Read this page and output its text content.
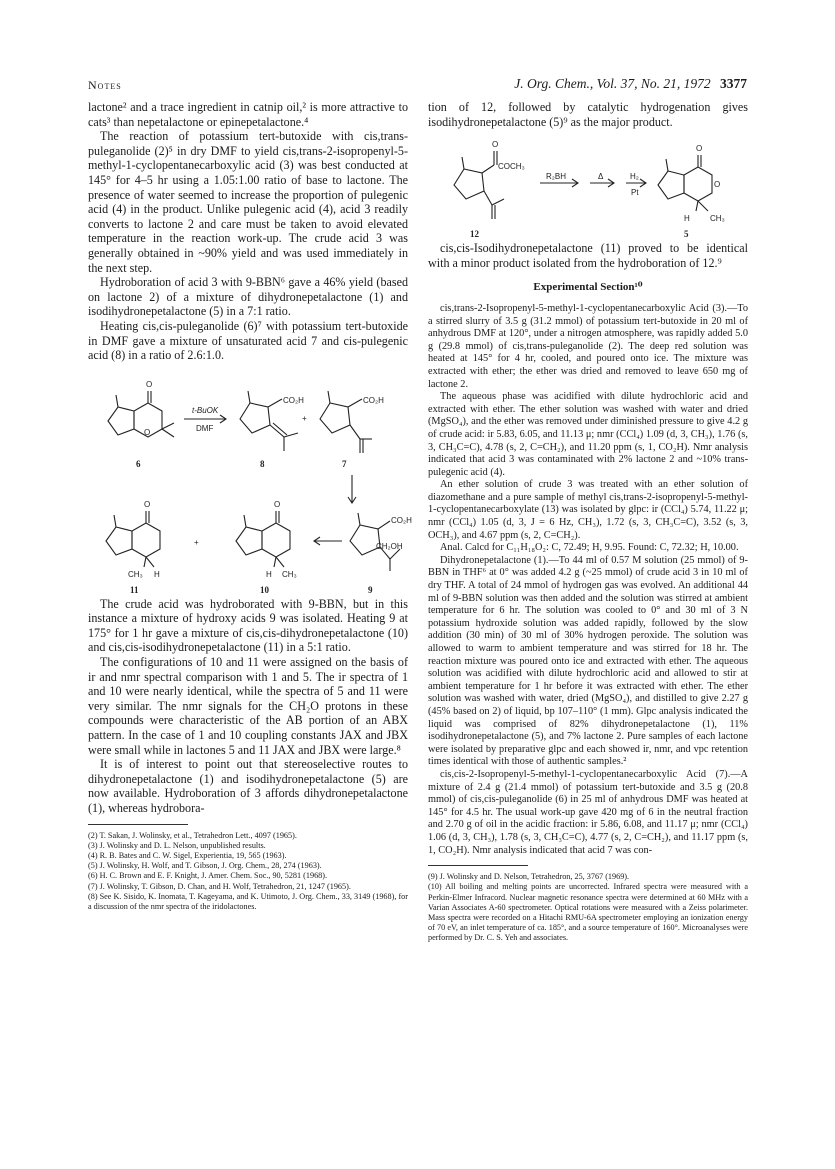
Notes	J. Org. Chem., Vol. 37, No. 21, 1972 3377

lactone² and a trace ingredient in catnip oil,² is more attractive to cats³ than nepetalactone or epinepetalactone.⁴

The reaction of potassium tert-butoxide with cis,trans-puleganolide (2)⁵ in dry DMF to yield cis,trans-2-isopropenyl-5-methyl-1-cyclopentanecarboxylic acid (3) was best conducted at 145° for 4–5 hr using a 1.05:1.00 ratio of base to lactone. The presence of water seemed to increase the proportion of pulegenic acid (4) in the product. Unlike pulegenic acid (4), acid 3 readily converts to lactone 2 and care must be taken to avoid elevated temperature in the reaction work-up. The crude acid 3 was generally obtained in ~90% yield and was used immediately in the next step.

Hydroboration of acid 3 with 9-BBN⁶ gave a 46% yield (based on lactone 2) of a mixture of dihydronepetalactone (1) and isodihydronepetalactone (5) in a 7:1 ratio.

Heating cis,cis-puleganolide (6)⁷ with potassium tert-butoxide in DMF gave a mixture of unsaturated acid 7 and cis-pulegenic acid (8) in a ratio of 2.6:1.0.

O
O
t-BuOK
DMF
CO₂H
+
CO₂H
6	8	7
O	O
CH₃ H
+
H CH₃
CO₂H
CH₂OH
11	10	9

The crude acid was hydroborated with 9-BBN, but in this instance a mixture of hydroxy acids 9 was isolated. Heating 9 at 175° for 1 hr gave a mixture of cis,cis-dihydronepetalactone (10) and cis,cis-isodihydronepetalactone (11) in a 5:1 ratio.

The configurations of 10 and 11 were assigned on the basis of ir and nmr spectral comparison with 1 and 5. The ir spectra of 1 and 10 were nearly identical, while the spectra of 5 and 11 were very similar. The nmr signals for the CH₂O protons in these compounds were characteristic of the AB portion of an ABX pattern. In the case of 1 and 10 coupling constants JAX and JBX were small while in lactones 5 and 11 JAX and JBX were large.⁸

It is of interest to point out that stereoselective routes to dihydronepetalactone (1) and isodihydronepetalactone (5) are now available. Hydroboration of 3 affords dihydronepetalactone (1), whereas hydrobora-

(2) T. Sakan, J. Wolinsky, et al., Tetrahedron Lett., 4097 (1965).
(3) J. Wolinsky and D. L. Nelson, unpublished results.
(4) R. B. Bates and C. W. Sigel, Experientia, 19, 565 (1963).
(5) J. Wolinsky, H. Wolf, and T. Gibson, J. Org. Chem., 28, 274 (1963).
(6) H. C. Brown and E. F. Knight, J. Amer. Chem. Soc., 90, 5281 (1968).
(7) J. Wolinsky, T. Gibson, D. Chan, and H. Wolf, Tetrahedron, 21, 1247 (1965).
(8) See K. Sisido, K. Inomata, T. Kageyama, and K. Utimoto, J. Org. Chem., 33, 3149 (1968), for a discussion of the nmr spectra of the iridolactones.

tion of 12, followed by catalytic hydrogenation gives isodihydronepetalactone (5)⁹ as the major product.

O
COCH₃
R₂BH	Δ	H₂
Pt
O
O
H	CH₃
12	5

cis,cis-Isodihydronepetalactone (11) proved to be identical with a minor product isolated from the hydroboration of 12.⁹

Experimental Section¹⁰

cis,trans-2-Isopropenyl-5-methyl-1-cyclopentanecarboxylic Acid (3).—To a stirred slurry of 3.5 g (31.2 mmol) of potassium tert-butoxide in 20 ml of anhydrous DMF at 120°, under a nitrogen atmosphere, was rapidly added 5.0 g (29.8 mmol) of cis,trans-puleganolide (2). The deep red solution was heated at 145° for 4 hr, cooled, and poured onto ice. The mixture was extracted with ether; the ether was dried and removed to leave 650 mg of lactone 2.

The aqueous phase was acidified with dilute hydrochloric acid and extracted with ether. The ether solution was washed with water and dried (MgSO₄), and the ether was removed under diminished pressure to give 4.2 g of crude acid: ir 5.83, 6.05, and 11.13 μ; nmr (CCl₄) 1.09 (d, 3, CH₃), 1.76 (s, 3, CH₃C=C), 4.78 (s, 2, C=CH₂), and 11.20 ppm (s, 1, CO₂H). Nmr analysis indicated that acid 3 was contaminated with 2% lactone 2 and ~10% trans-pulegenic acid (4).

An ether solution of crude 3 was treated with an ether solution of diazomethane and a pure sample of methyl cis,trans-2-isopropenyl-5-methyl-1-cyclopentanecarboxylate (13) was isolated by glpc: ir (CCl₄) 5.74, 11.22 μ; nmr (CCl₄) 1.05 (d, 3, J = 6 Hz, CH₃), 1.72 (s, 3, CH₃C=C), 3.52 (s, 3, OCH₃), and 4.67 ppm (s, 2, C=CH₂).

Anal. Calcd for C₁₁H₁₈O₂: C, 72.49; H, 9.95. Found: C, 72.32; H, 10.00.

Dihydronepetalactone (1).—To 44 ml of 0.57 M solution (25 mmol) of 9-BBN in THF⁶ at 0° was added 4.2 g (~25 mmol) of crude acid 3 in 10 ml of dry THF. A total of 24 mmol of hydrogen gas was evolved. An additional 44 ml of 9-BBN solution was then added and the solution was stirred at ambient temperature for 6 hr. The solution was cooled to 0° and 30 ml of 3 N potassium hydroxide solution was added rapidly, followed by the slow addition (30 min) of 30 ml of 30% hydrogen peroxide. The solution was allowed to warm to ambient temperature and was stirred for 18 hr. The reaction mixture was poured onto ice and extracted with ether. The aqueous solution was acidified with dilute hydrochloric acid and allowed to stir at ambient temperature for 1 hr before it was extracted with ether. The ether solution was washed with water, dried (MgSO₄), and distilled to give 2.27 g (45% based on 2) of liquid, bp 107–110° (1 mm). Glpc analysis indicated the liquid was comprised of 82% dihydronepetalactone (1), 11% isodihydronepetalactone (5), and 7% lactone 2. Pure samples of each lactone were isolated by preparative glpc and each showed ir, nmr, and vpc retention times identical with those of authentic samples.²

cis,cis-2-Isopropenyl-5-methyl-1-cyclopentanecarboxylic Acid (7).—A mixture of 2.4 g (21.4 mmol) of potassium tert-butoxide and 3.5 g (20.8 mmol) of cis,cis-puleganolide (6) in 25 ml of anhydrous DMF was heated at 145° for 4.5 hr. The usual work-up gave 420 mg of 6 in the neutral fraction and 2.70 g of oil in the acidic fraction: ir 5.86, 6.08, and 11.17 μ; nmr (CCl₄) 1.06 (d, 3, CH₃), 1.78 (s, 3, CH₃C=C), 4.77 (s, 2, C=CH₂), and 11.17 ppm (s, 1, CO₂H). Nmr analysis indicated that acid 7 was con-

(9) J. Wolinsky and D. Nelson, Tetrahedron, 25, 3767 (1969).
(10) All boiling and melting points are uncorrected. Infrared spectra were measured with a Perkin-Elmer Infracord. Nuclear magnetic resonance spectra were determined at 60 MHz with a Varian Associates A-60 spectrometer. Optical rotations were measured with a Zeiss polarimeter. Mass spectra were recorded on a Hitachi RMU-6A spectrometer employing an ionization energy of 70 eV, an inlet temperature of ca. 185°, and a source temperature of 160°. Microanalyses were performed by Dr. C. S. Yeh and associates.
